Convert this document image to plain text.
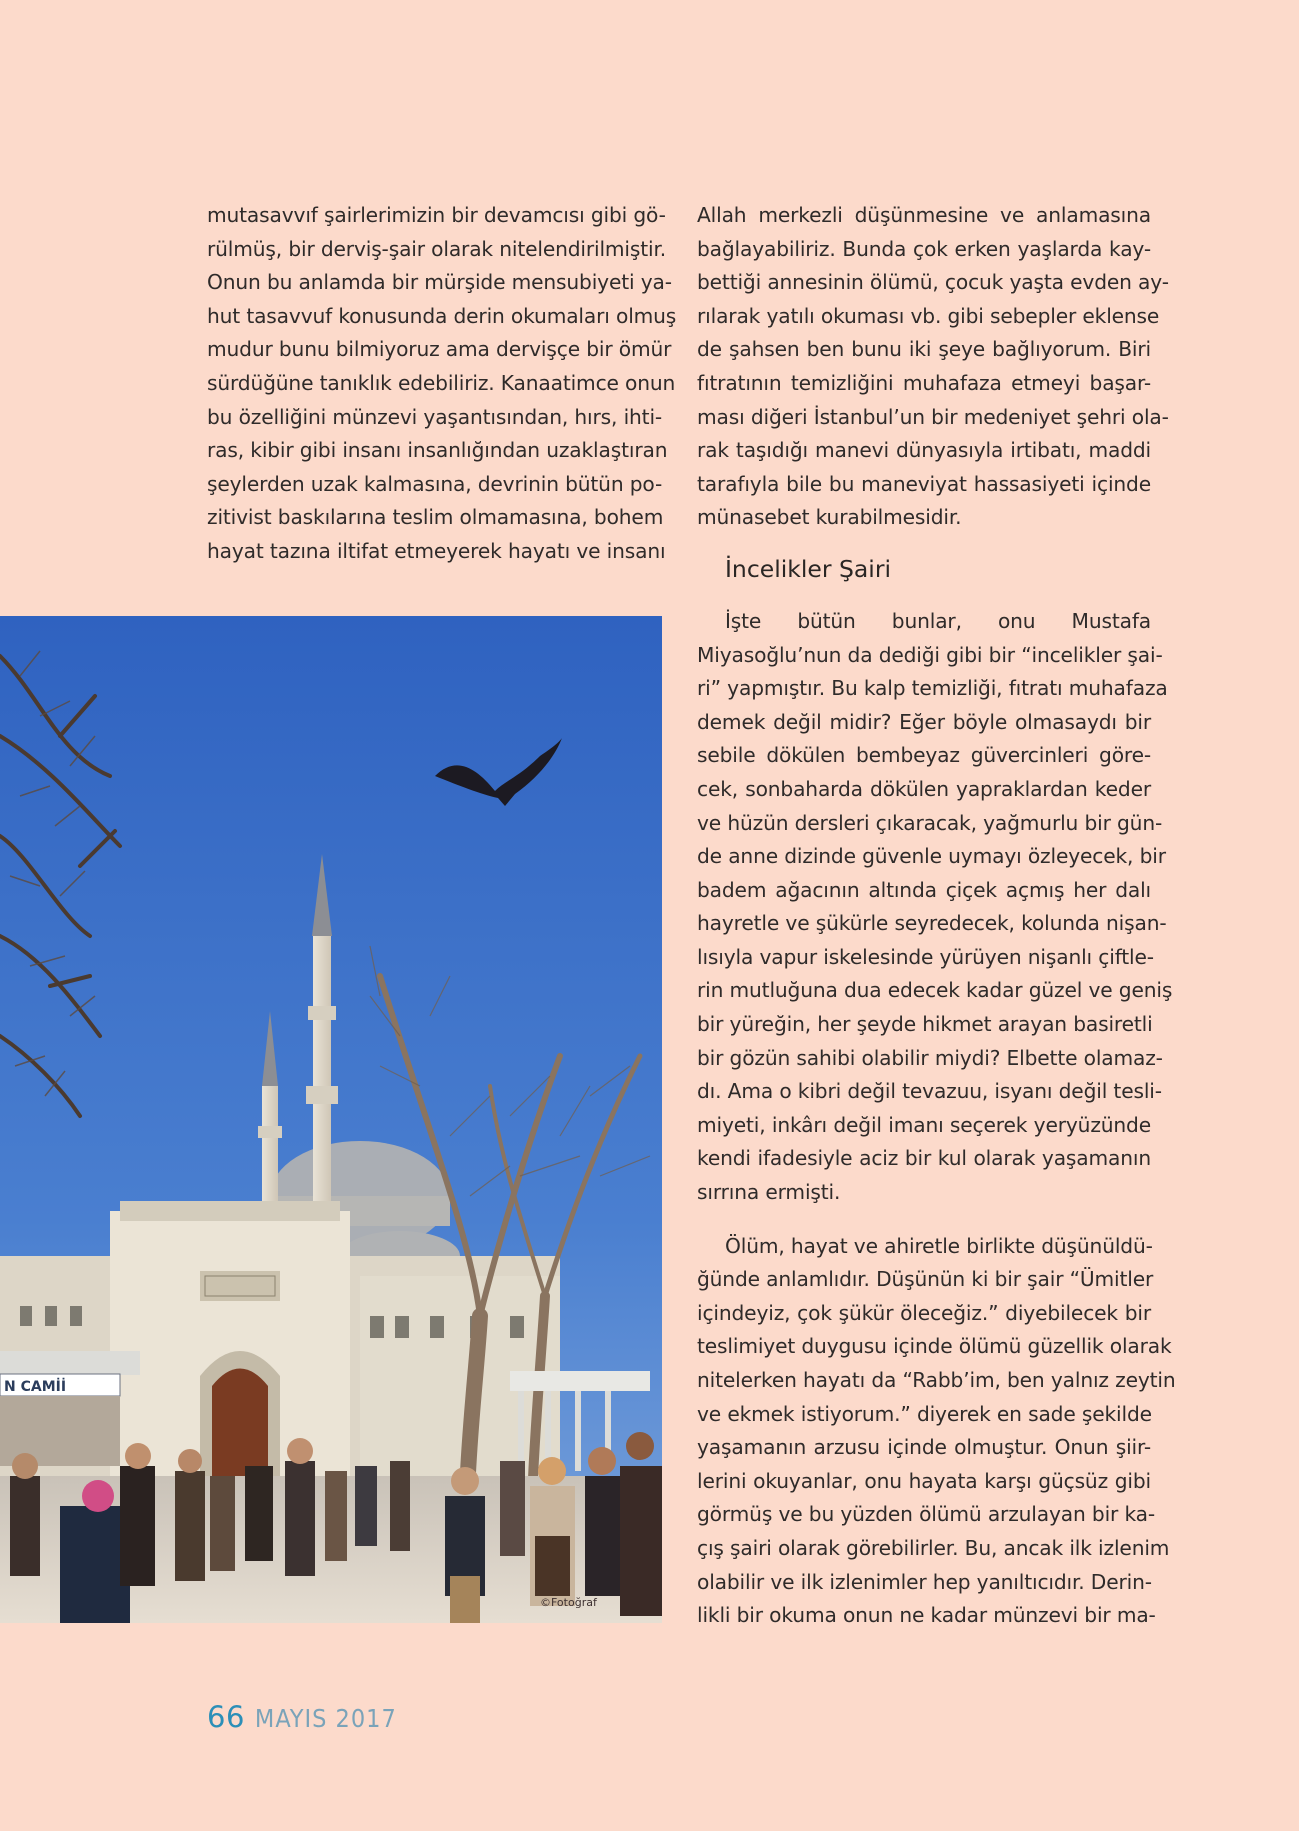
mutasavvıf şairlerimizin bir devamcısı gibi gö-
rülmüş, bir derviş-şair olarak nitelendirilmiştir.
Onun bu anlamda bir mürşide mensubiyeti ya-
hut tasavvuf konusunda derin okumaları olmuş
mudur bunu bilmiyoruz ama dervişçe bir ömür
sürdüğüne tanıklık edebiliriz. Kanaatimce onun
bu özelliğini münzevi yaşantısından, hırs, ihti-
ras, kibir gibi insanı insanlığından uzaklaştıran
şeylerden uzak kalmasına, devrinin bütün po-
zitivist baskılarına teslim olmamasına, bohem
hayat tazına iltifat etmeyerek hayatı ve insanı
Allah merkezli düşünmesine ve anlamasına
bağlayabiliriz. Bunda çok erken yaşlarda kay-
bettiği annesinin ölümü, çocuk yaşta evden ay-
rılarak yatılı okuması vb. gibi sebepler eklense
de şahsen ben bunu iki şeye bağlıyorum. Biri
fıtratının temizliğini muhafaza etmeyi başar-
ması diğeri İstanbul’un bir medeniyet şehri ola-
rak taşıdığı manevi dünyasıyla irtibatı, maddi
tarafıyla bile bu maneviyat hassasiyeti içinde
münasebet kurabilmesidir.
İncelikler Şairi
İşte bütün bunlar, onu Mustafa
Miyasoğlu’nun da dediği gibi bir “incelikler şai-
ri” yapmıştır. Bu kalp temizliği, fıtratı muhafaza
demek değil midir? Eğer böyle olmasaydı bir
sebile dökülen bembeyaz güvercinleri göre-
cek, sonbaharda dökülen yapraklardan keder
ve hüzün dersleri çıkaracak, yağmurlu bir gün-
de anne dizinde güvenle uymayı özleyecek, bir
badem ağacının altında çiçek açmış her dalı
hayretle ve şükürle seyredecek, kolunda nişan-
lısıyla vapur iskelesinde yürüyen nişanlı çiftle-
rin mutluğuna dua edecek kadar güzel ve geniş
bir yüreğin, her şeyde hikmet arayan basiretli
bir gözün sahibi olabilir miydi? Elbette olamaz-
dı. Ama o kibri değil tevazuu, isyanı değil tesli-
miyeti, inkârı değil imanı seçerek yeryüzünde
kendi ifadesiyle aciz bir kul olarak yaşamanın
sırrına ermişti.
Ölüm, hayat ve ahiretle birlikte düşünüldü-
ğünde anlamlıdır. Düşünün ki bir şair “Ümitler
içindeyiz, çok şükür öleceğiz.” diyebilecek bir
teslimiyet duygusu içinde ölümü güzellik olarak
nitelerken hayatı da “Rabb’im, ben yalnız zeytin
ve ekmek istiyorum.” diyerek en sade şekilde
yaşamanın arzusu içinde olmuştur. Onun şiir-
lerini okuyanlar, onu hayata karşı güçsüz gibi
görmüş ve bu yüzden ölümü arzulayan bir ka-
çış şairi olarak görebilirler. Bu, ancak ilk izlenim
olabilir ve ilk izlenimler hep yanıltıcıdır. Derin-
likli bir okuma onun ne kadar münzevi bir ma-
N CAMİİ
©Fotoğraf
66 MAYIS 2017
